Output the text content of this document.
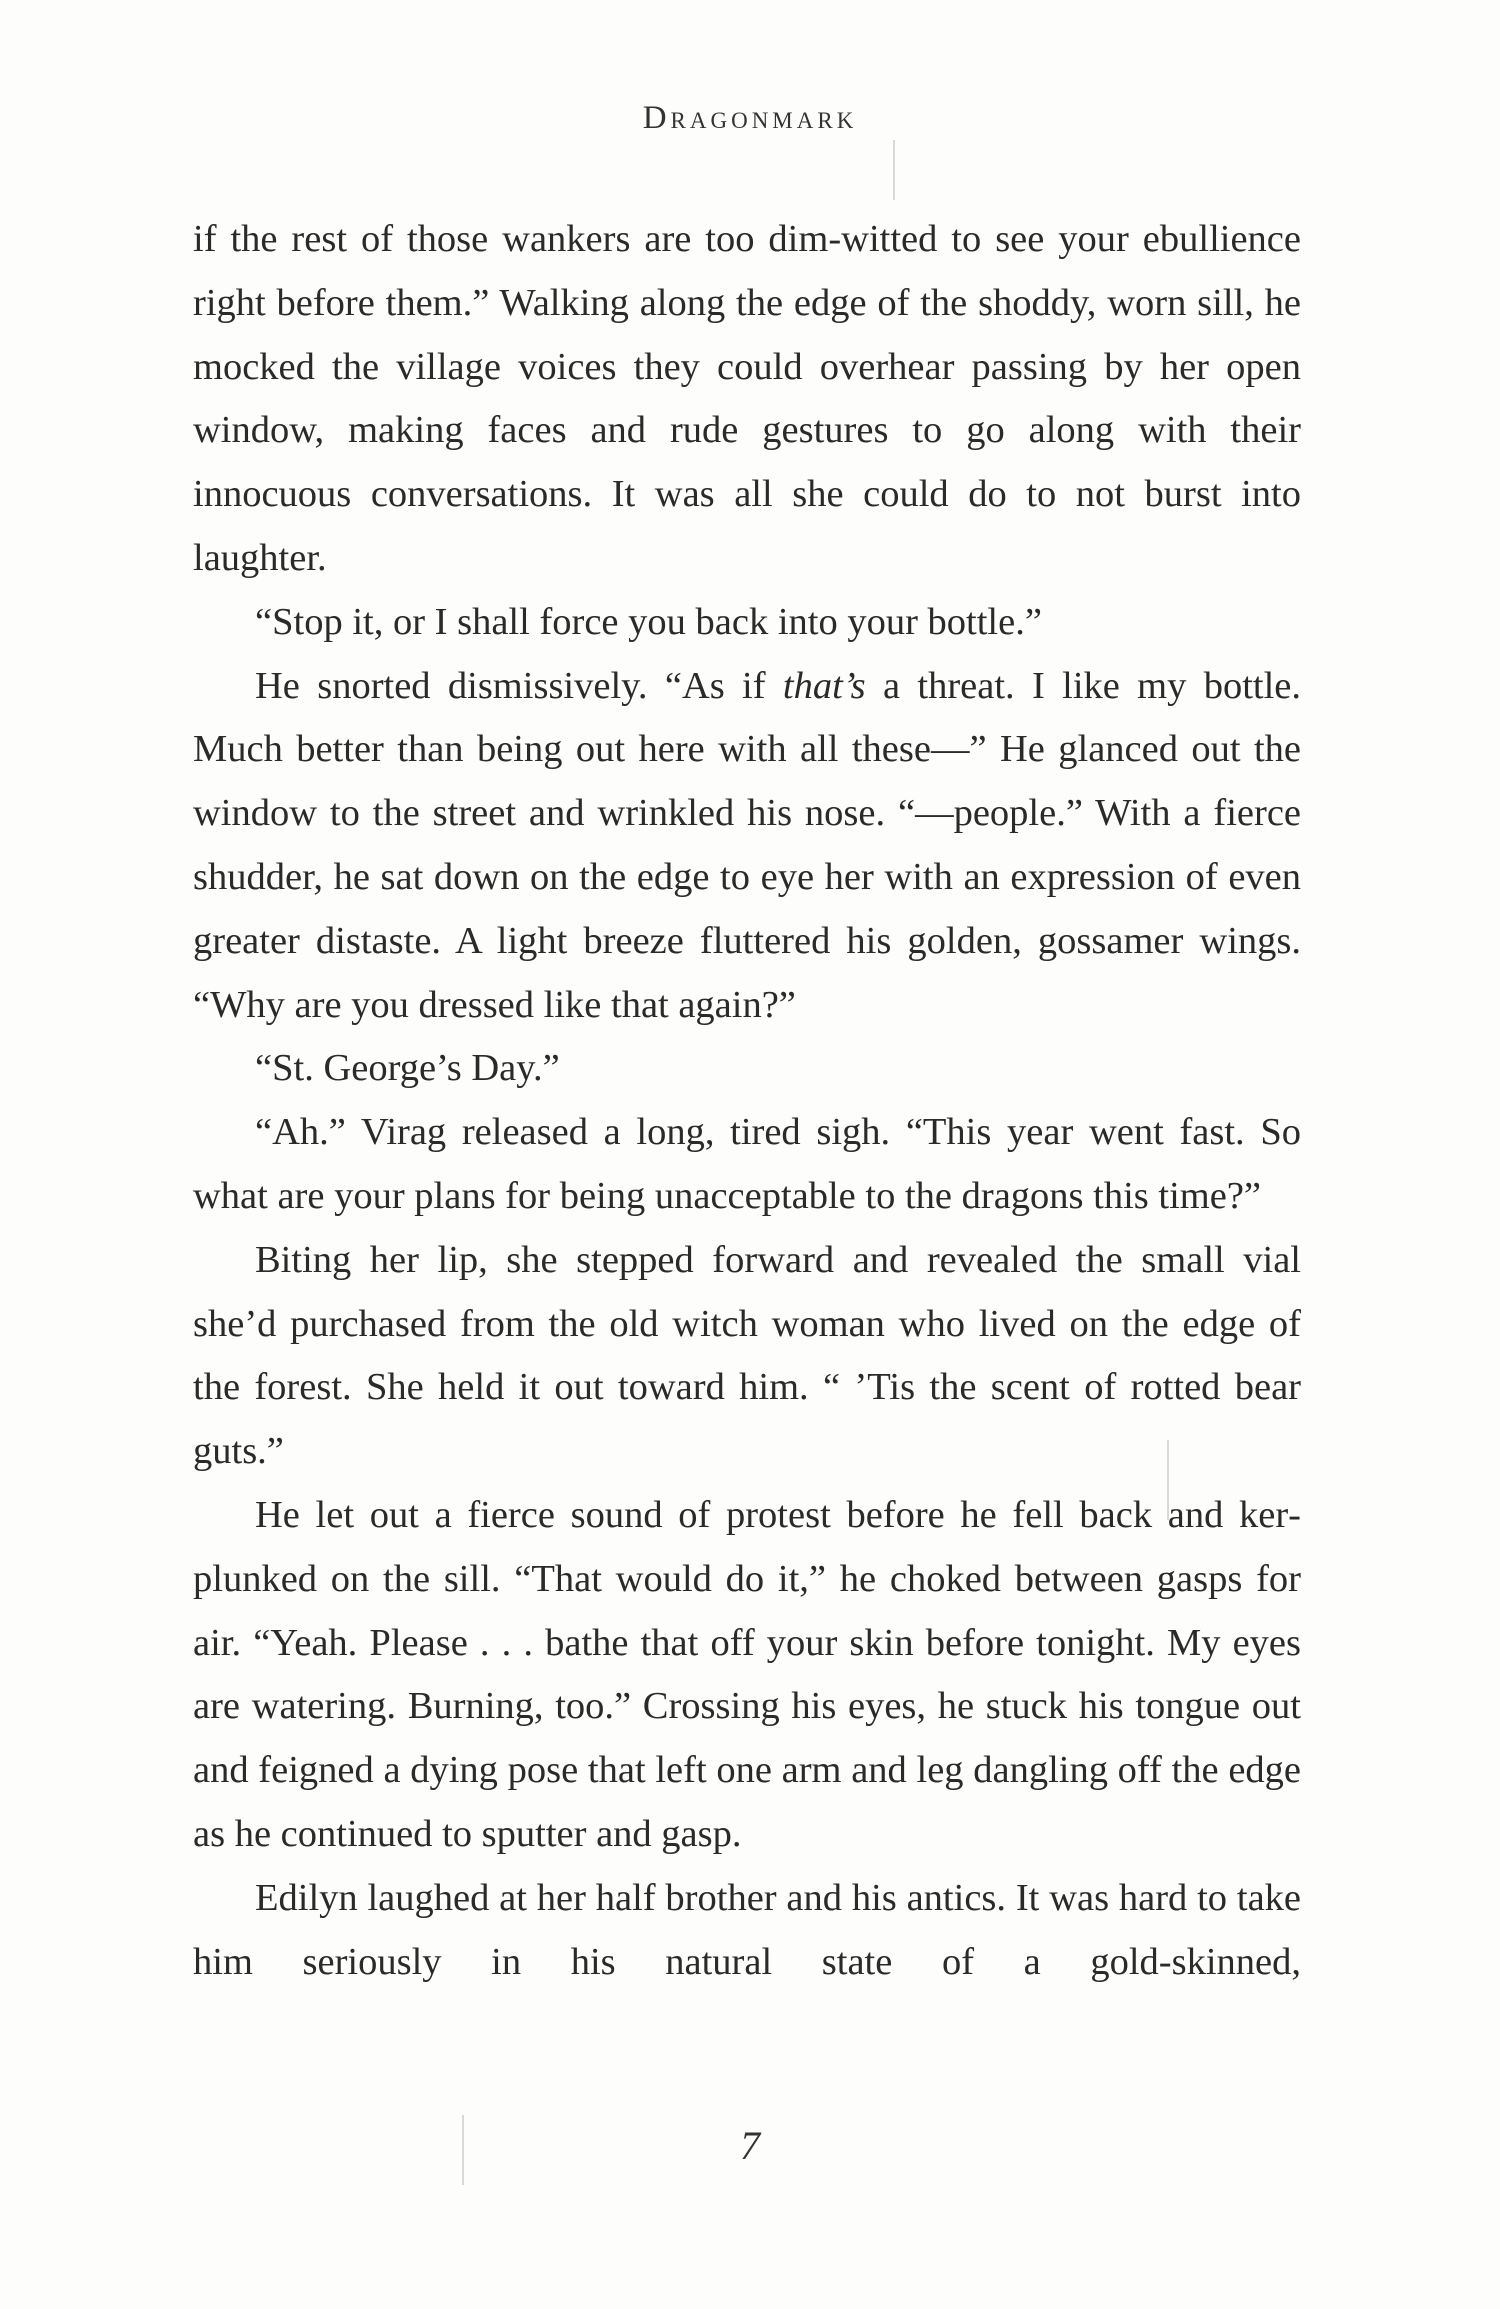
Dragonmark

if the rest of those wankers are too dim-witted to see your ebullience right before them.” Walking along the edge of the shoddy, worn sill, he mocked the village voices they could overhear passing by her open window, making faces and rude gestures to go along with their innocuous conversations. It was all she could do to not burst into laughter.

“Stop it, or I shall force you back into your bottle.”

He snorted dismissively. “As if that’s a threat. I like my bottle. Much better than being out here with all these—” He glanced out the window to the street and wrinkled his nose. “—people.” With a fierce shudder, he sat down on the edge to eye her with an expression of even greater distaste. A light breeze fluttered his golden, gossamer wings. “Why are you dressed like that again?”

“St. George’s Day.”

“Ah.” Virag released a long, tired sigh. “This year went fast. So what are your plans for being unacceptable to the dragons this time?”

Biting her lip, she stepped forward and revealed the small vial she’d purchased from the old witch woman who lived on the edge of the forest. She held it out toward him. “ ’Tis the scent of rotted bear guts.”

He let out a fierce sound of protest before he fell back and kerplunked on the sill. “That would do it,” he choked between gasps for air. “Yeah. Please . . . bathe that off your skin before tonight. My eyes are watering. Burning, too.” Crossing his eyes, he stuck his tongue out and feigned a dying pose that left one arm and leg dangling off the edge as he continued to sputter and gasp.

Edilyn laughed at her half brother and his antics. It was hard to take him seriously in his natural state of a gold-skinned,

7
